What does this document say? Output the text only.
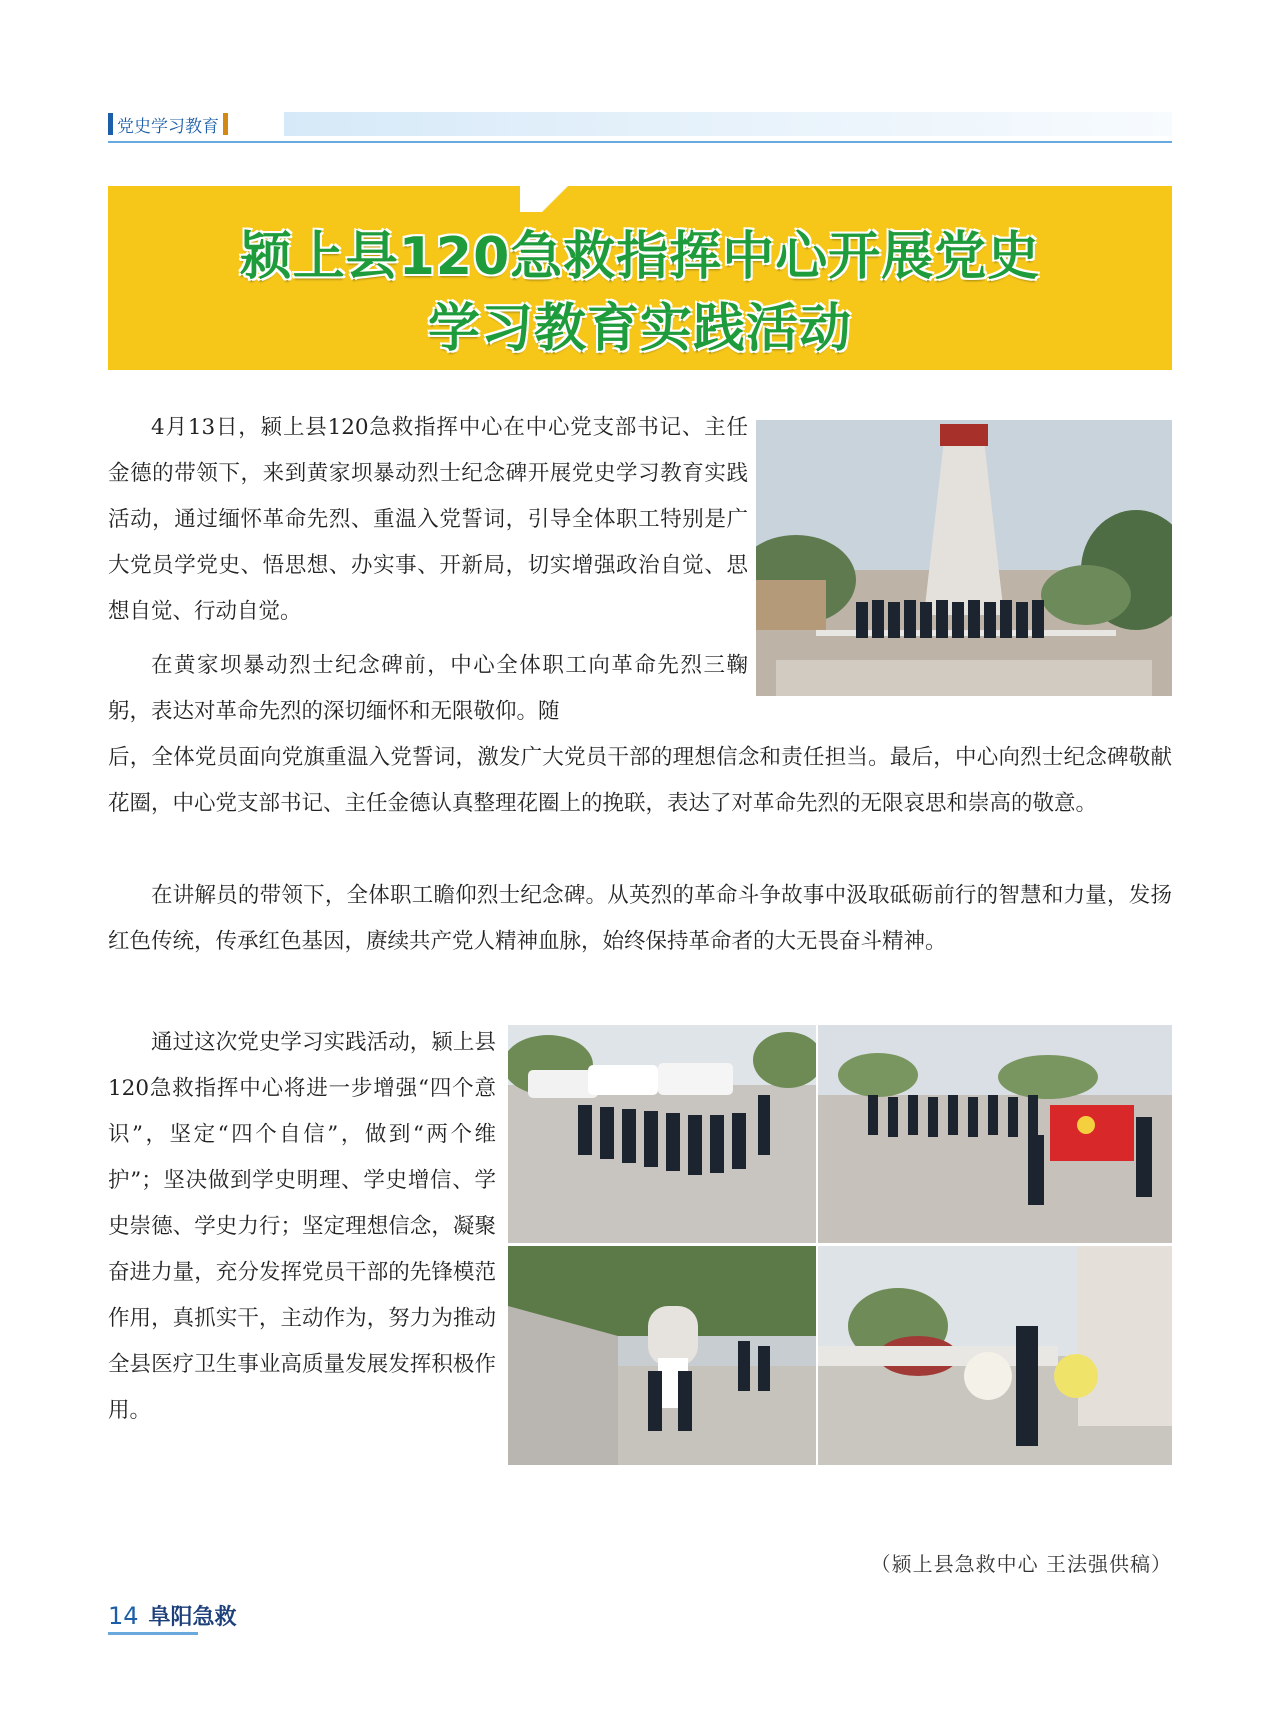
党史学习教育
颍上县120急救指挥中心开展党史
学习教育实践活动
4月13日，颍上县120急救指挥中心在中心党支部书记、主任金德的带领下，来到黄家坝暴动烈士纪念碑开展党史学习教育实践活动，通过缅怀革命先烈、重温入党誓词，引导全体职工特别是广大党员学党史、悟思想、办实事、开新局，切实增强政治自觉、思想自觉、行动自觉。
在黄家坝暴动烈士纪念碑前，中心全体职工向革命先烈三鞠躬，表达对革命先烈的深切缅怀和无限敬仰。随
后，全体党员面向党旗重温入党誓词，激发广大党员干部的理想信念和责任担当。最后，中心向烈士纪念碑敬献花圈，中心党支部书记、主任金德认真整理花圈上的挽联，表达了对革命先烈的无限哀思和崇高的敬意。
在讲解员的带领下，全体职工瞻仰烈士纪念碑。从英烈的革命斗争故事中汲取砥砺前行的智慧和力量，发扬红色传统，传承红色基因，赓续共产党人精神血脉，始终保持革命者的大无畏奋斗精神。
通过这次党史学习实践活动，颍上县120急救指挥中心将进一步增强“四个意识”，坚定“四个自信”，做到“两个维护”；坚决做到学史明理、学史增信、学史崇德、学史力行；坚定理想信念，凝聚奋进力量，充分发挥党员干部的先锋模范作用，真抓实干，主动作为，努力为推动全县医疗卫生事业高质量发展发挥积极作用。
（颍上县急救中心 王法强供稿）
14 阜阳急救
